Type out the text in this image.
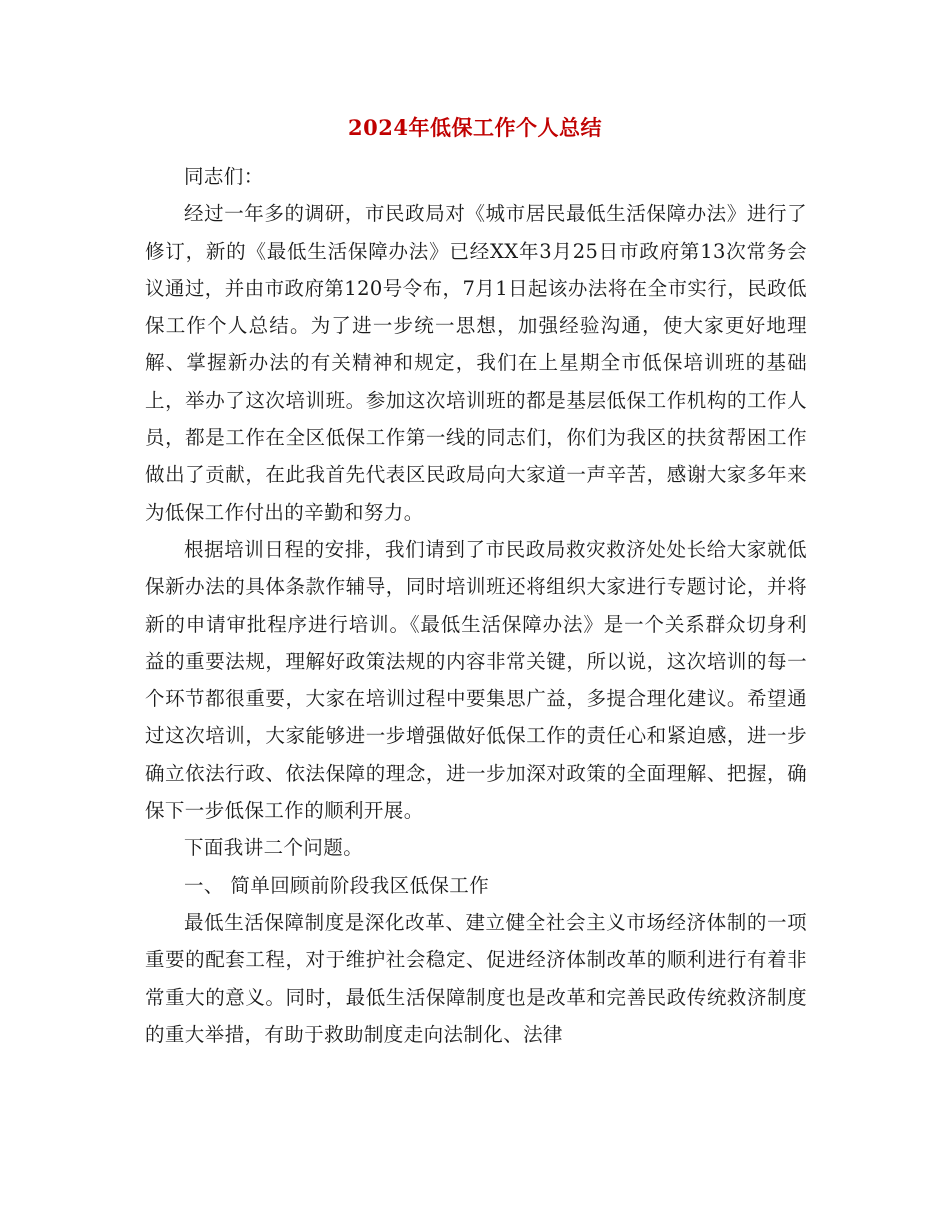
2024年低保工作个人总结

同志们：

经过一年多的调研，市民政局对《城市居民最低生活保障办法》进行了修订，新的《最低生活保障办法》已经XX年3月25日市政府第13次常务会议通过，并由市政府第120号令布，7月1日起该办法将在全市实行，民政低保工作个人总结。为了进一步统一思想，加强经验沟通，使大家更好地理解、掌握新办法的有关精神和规定，我们在上星期全市低保培训班的基础上，举办了这次培训班。参加这次培训班的都是基层低保工作机构的工作人员，都是工作在全区低保工作第一线的同志们，你们为我区的扶贫帮困工作做出了贡献，在此我首先代表区民政局向大家道一声辛苦，感谢大家多年来为低保工作付出的辛勤和努力。

根据培训日程的安排，我们请到了市民政局救灾救济处处长给大家就低保新办法的具体条款作辅导，同时培训班还将组织大家进行专题讨论，并将新的申请审批程序进行培训。《最低生活保障办法》是一个关系群众切身利益的重要法规，理解好政策法规的内容非常关键，所以说，这次培训的每一个环节都很重要，大家在培训过程中要集思广益，多提合理化建议。希望通过这次培训，大家能够进一步增强做好低保工作的责任心和紧迫感，进一步确立依法行政、依法保障的理念，进一步加深对政策的全面理解、把握，确保下一步低保工作的顺利开展。

下面我讲二个问题。

一、 简单回顾前阶段我区低保工作

最低生活保障制度是深化改革、建立健全社会主义市场经济体制的一项重要的配套工程，对于维护社会稳定、促进经济体制改革的顺利进行有着非常重大的意义。同时，最低生活保障制度也是改革和完善民政传统救济制度的重大举措，有助于救助制度走向法制化、法律
